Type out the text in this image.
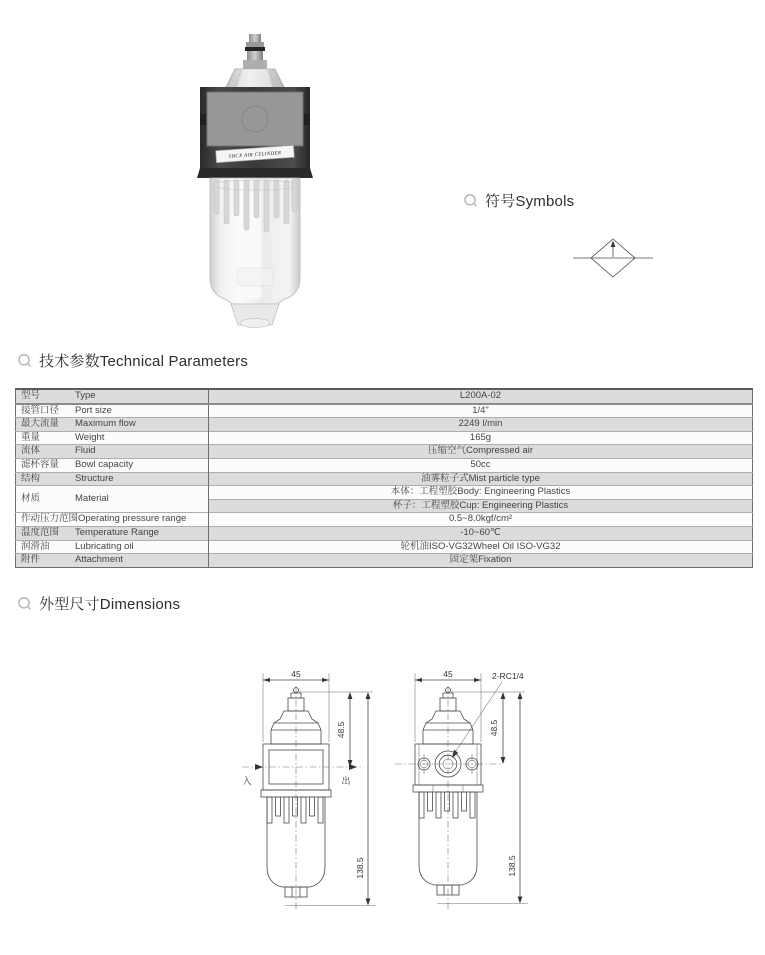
YBCX AIR CYLINDER
符号Symbols
技术参数Technical Parameters
型号 Type	L200A-02
接管口径 Port size	1/4"
最大流量 Maximum flow	2249 l/min
重量 Weight	165g
流体 Fluid	压缩空气Compressed air
滤杯容量 Bowl capacity	50cc
结构 Structure	油雾粒子式Mist particle type
材质 Material	本体：工程塑胶Body: Engineering Plastics
	杯子：工程塑胶Cup: Engineering Plastics
作动压力范围Operating pressure range	0.5~8.0kgf/cm²
温度范围 Temperature Range	-10~60℃
润滑油 Lubricating oil	轮机油ISO-VG32Wheel Oil ISO-VG32
附件 Attachment	固定架Fixation
外型尺寸Dimensions
45
入	出
48.5
138.5
45	2-RC1/4
48.5
138.5
